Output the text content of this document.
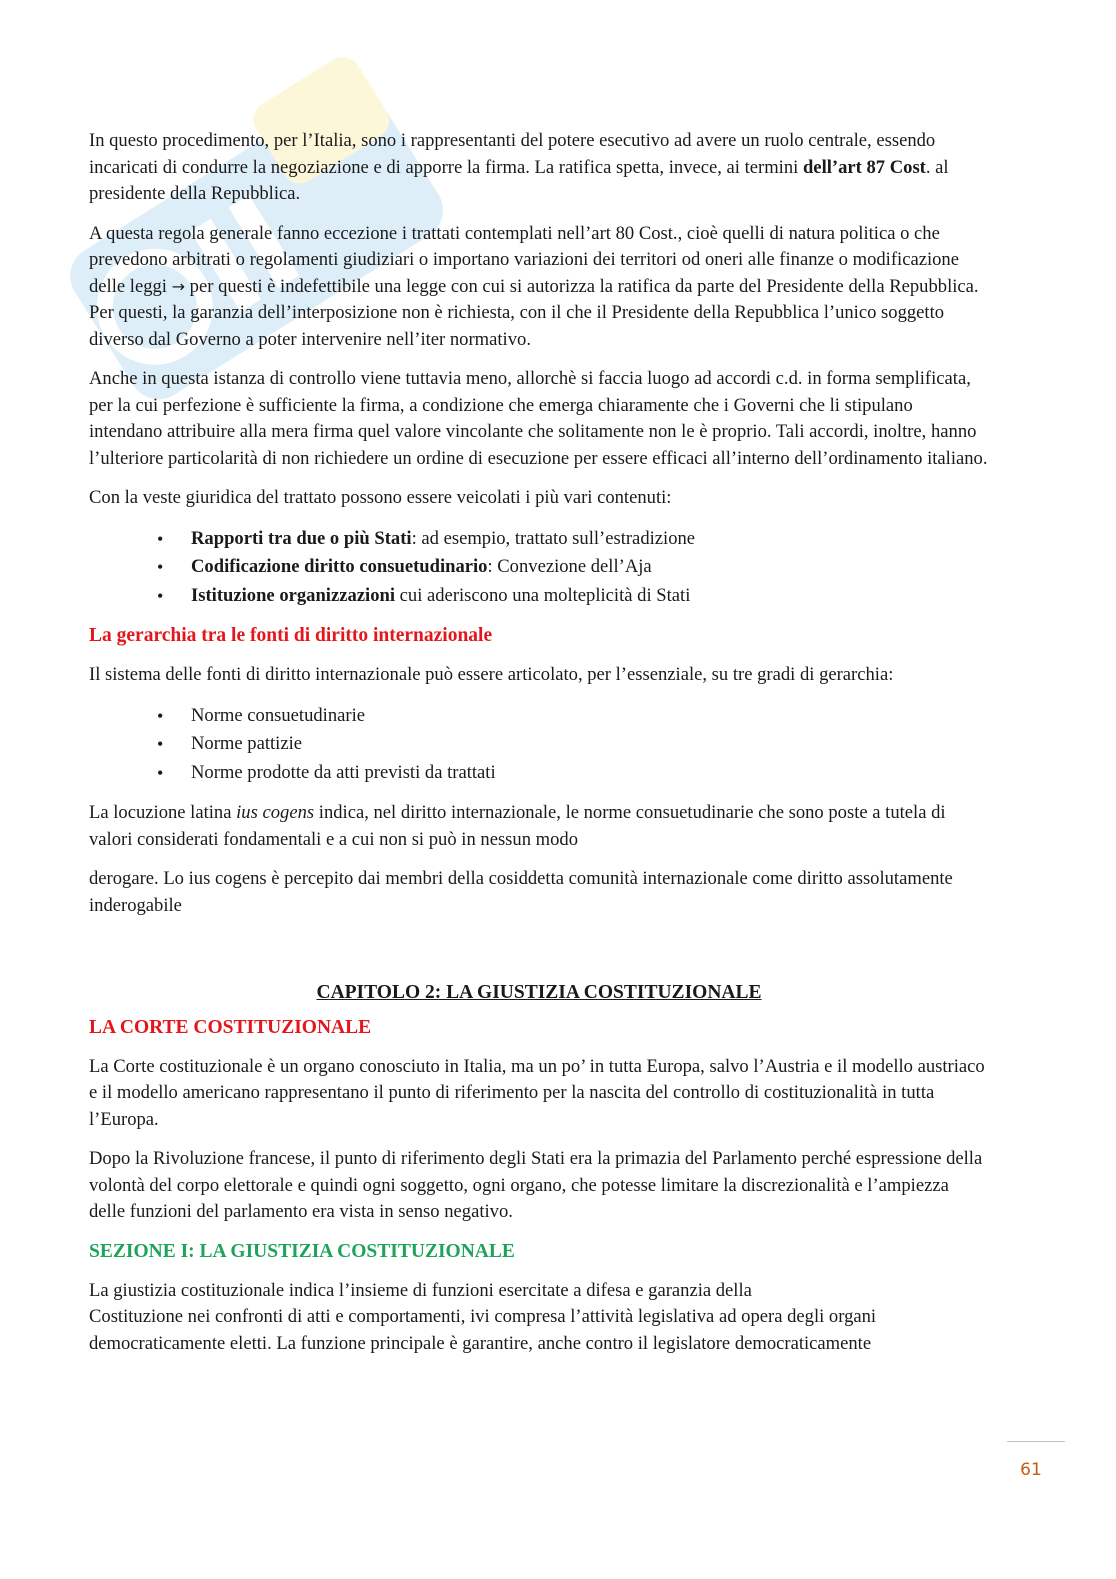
In questo procedimento, per l’Italia, sono i rappresentanti del potere esecutivo ad avere un ruolo centrale, essendo incaricati di condurre la negoziazione e di apporre la firma. La ratifica spetta, invece, ai termini dell’art 87 Cost. al presidente della Repubblica.

A questa regola generale fanno eccezione i trattati contemplati nell’art 80 Cost., cioè quelli di natura politica o che prevedono arbitrati o regolamenti giudiziari o importano variazioni dei territori od oneri alle finanze o modificazione delle leggi → per questi è indefettibile una legge con cui si autorizza la ratifica da parte del Presidente della Repubblica. Per questi, la garanzia dell’interposizione non è richiesta, con il che il Presidente della Repubblica l’unico soggetto diverso dal Governo a poter intervenire nell’iter normativo.

Anche in questa istanza di controllo viene tuttavia meno, allorchè si faccia luogo ad accordi c.d. in forma semplificata, per la cui perfezione è sufficiente la firma, a condizione che emerga chiaramente che i Governi che li stipulano intendano attribuire alla mera firma quel valore vincolante che solitamente non le è proprio. Tali accordi, inoltre, hanno l’ulteriore particolarità di non richiedere un ordine di esecuzione per essere efficaci all’interno dell’ordinamento italiano.

Con la veste giuridica del trattato possono essere veicolati i più vari contenuti:

• Rapporti tra due o più Stati: ad esempio, trattato sull’estradizione
• Codificazione diritto consuetudinario: Convezione dell’Aja
• Istituzione organizzazioni cui aderiscono una molteplicità di Stati
La gerarchia tra le fonti di diritto internazionale

Il sistema delle fonti di diritto internazionale può essere articolato, per l’essenziale, su tre gradi di gerarchia:

• Norme consuetudinarie
• Norme pattizie
• Norme prodotte da atti previsti da trattati

La locuzione latina ius cogens indica, nel diritto internazionale, le norme consuetudinarie che sono poste a tutela di valori considerati fondamentali e a cui non si può in nessun modo

derogare. Lo ius cogens è percepito dai membri della cosiddetta comunità internazionale come diritto assolutamente inderogabile

CAPITOLO 2: LA GIUSTIZIA COSTITUZIONALE
LA CORTE COSTITUZIONALE

La Corte costituzionale è un organo conosciuto in Italia, ma un po’ in tutta Europa, salvo l’Austria e il modello austriaco e il modello americano rappresentano il punto di riferimento per la nascita del controllo di costituzionalità in tutta l’Europa.

Dopo la Rivoluzione francese, il punto di riferimento degli Stati era la primazia del Parlamento perché espressione della volontà del corpo elettorale e quindi ogni soggetto, ogni organo, che potesse limitare la discrezionalità e l’ampiezza delle funzioni del parlamento era vista in senso negativo.

SEZIONE I: LA GIUSTIZIA COSTITUZIONALE

La giustizia costituzionale indica l’insieme di funzioni esercitate a difesa e garanzia della
Costituzione nei confronti di atti e comportamenti, ivi compresa l’attività legislativa ad opera degli organi democraticamente eletti. La funzione principale è garantire, anche contro il legislatore democraticamente

61
